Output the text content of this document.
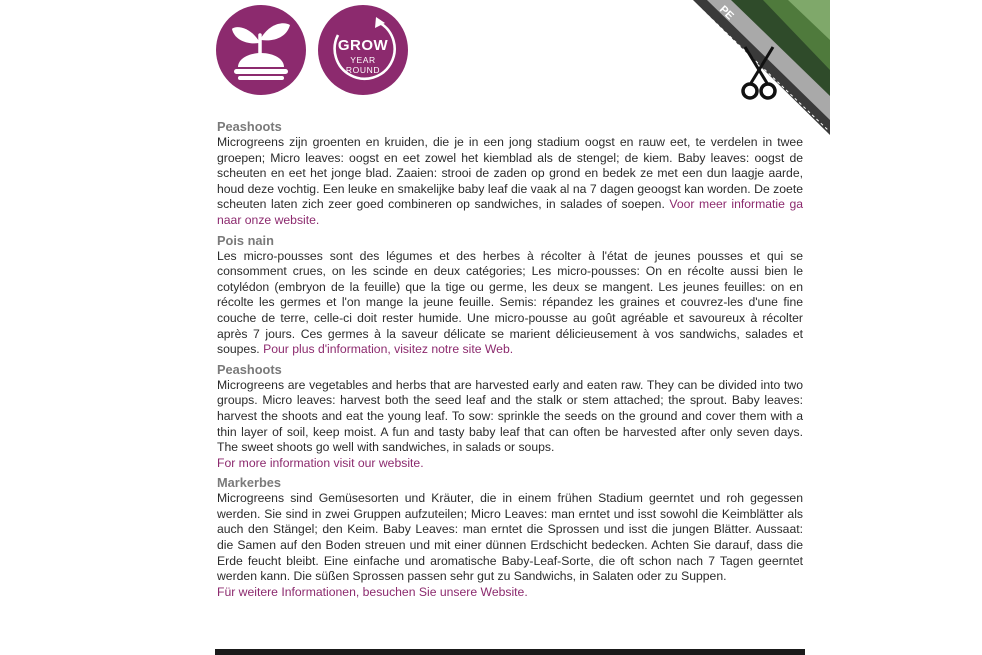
GROW
YEAR
ROUND
PE
Peashoots

Microgreens zijn groenten en kruiden, die je in een jong stadium oogst en rauw eet, te verdelen in twee groepen; Micro leaves: oogst en eet zowel het kiemblad als de stengel; de kiem. Baby leaves: oogst de scheuten en eet het jonge blad. Zaaien: strooi de zaden op grond en bedek ze met een dun laagje aarde, houd deze vochtig. Een leuke en smakelijke baby leaf die vaak al na 7 dagen geoogst kan worden. De zoete scheuten laten zich zeer goed combineren op sandwiches, in salades of soepen. Voor meer informatie ga naar onze website.

Pois nain

Les micro-pousses sont des légumes et des herbes à récolter à l'état de jeunes pousses et qui se consomment crues, on les scinde en deux catégories; Les micro-pousses: On en récolte aussi bien le cotylédon (embryon de la feuille) que la tige ou germe, les deux se mangent. Les jeunes feuilles: on en récolte les germes et l'on mange la jeune feuille. Semis: répandez les graines et couvrez-les d'une fine couche de terre, celle-ci doit rester humide. Une micro-pousse au goût agréable et savoureux à récolter après 7 jours. Ces germes à la saveur délicate se marient délicieusement à vos sandwichs, salades et soupes. Pour plus d'information, visitez notre site Web.

Peashoots

Microgreens are vegetables and herbs that are harvested early and eaten raw. They can be divided into two groups. Micro leaves: harvest both the seed leaf and the stalk or stem attached; the sprout. Baby leaves: harvest the shoots and eat the young leaf. To sow: sprinkle the seeds on the ground and cover them with a thin layer of soil, keep moist. A fun and tasty baby leaf that can often be harvested after only seven days. The sweet shoots go well with sandwiches, in salads or soups.
For more information visit our website.

Markerbes

Microgreens sind Gemüsesorten und Kräuter, die in einem frühen Stadium geerntet und roh gegessen werden. Sie sind in zwei Gruppen aufzuteilen; Micro Leaves: man erntet und isst sowohl die Keimblätter als auch den Stängel; den Keim. Baby Leaves: man erntet die Sprossen und isst die jungen Blätter. Aussaat: die Samen auf den Boden streuen und mit einer dünnen Erdschicht bedecken. Achten Sie darauf, dass die Erde feucht bleibt. Eine einfache und aromatische Baby-Leaf-Sorte, die oft schon nach 7 Tagen geerntet werden kann. Die süßen Sprossen passen sehr gut zu Sandwichs, in Salaten oder zu Suppen.
Für weitere Informationen, besuchen Sie unsere Website.
